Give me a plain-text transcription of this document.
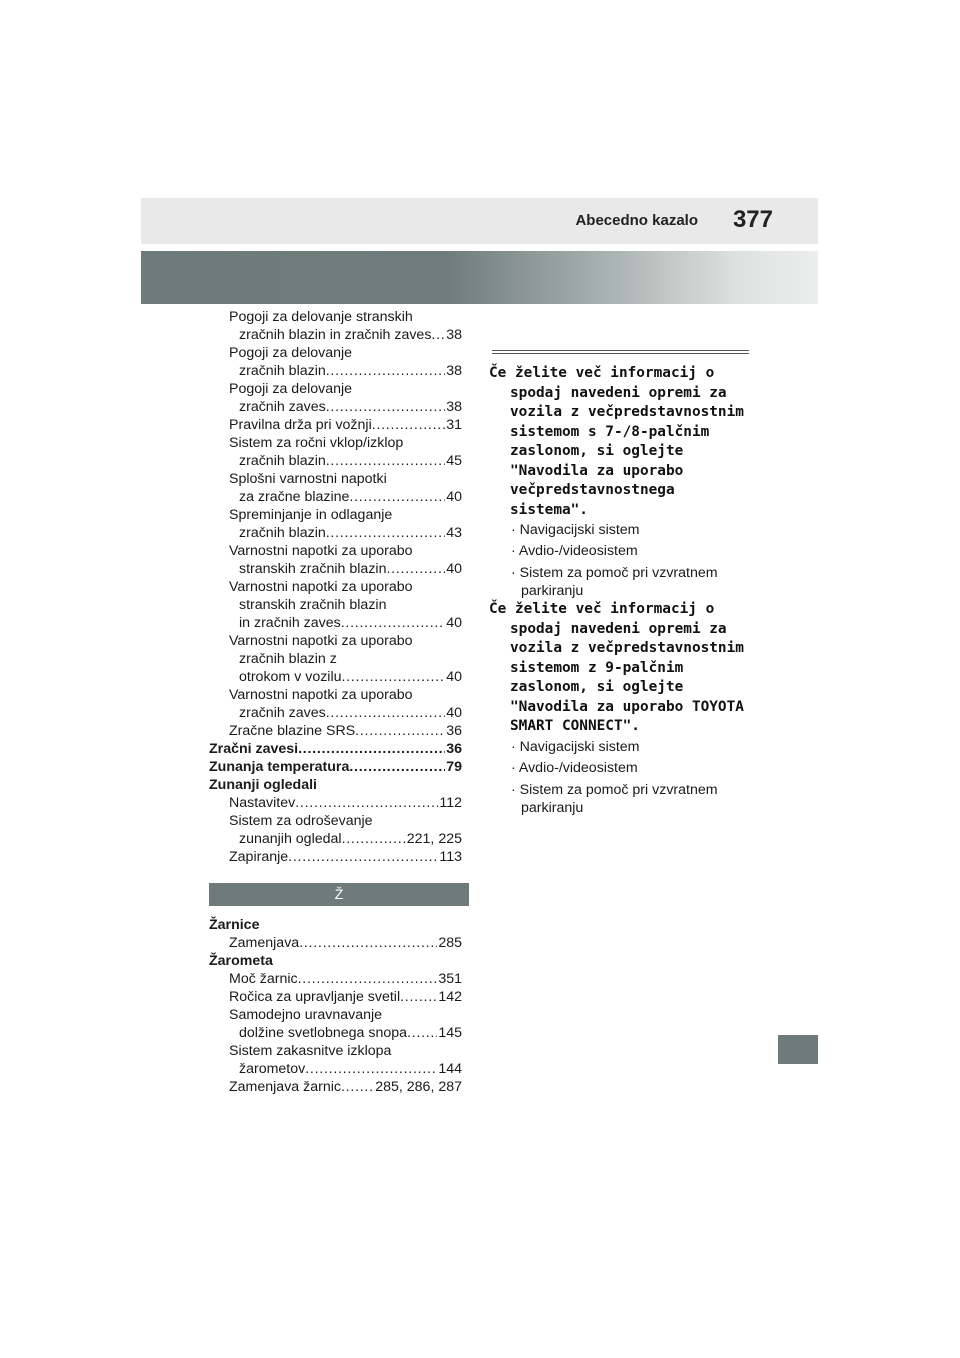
Abecedno kazalo 377
Pogoji za delovanje stranskih
zračnih blazin in zračnih zaves . . . 38
Pogoji za delovanje
zračnih blazin . . .	38
Pogoji za delovanje
zračnih zaves . . .	38
Pravilna drža pri vožnji . . .	31
Sistem za ročni vklop/izklop
zračnih blazin . . .	45
Splošni varnostni napotki
za zračne blazine . . .	40
Spreminjanje in odlaganje
zračnih blazin . . .	43
Varnostni napotki za uporabo
stranskih zračnih blazin . . .	40
Varnostni napotki za uporabo
stranskih zračnih blazin
in zračnih zaves . . .	40
Varnostni napotki za uporabo
zračnih blazin z
otrokom v vozilu . . .	40
Varnostni napotki za uporabo
zračnih zaves . . .	40
Zračne blazine SRS . . .	36
Zračni zavesi . . .	36
Zunanja temperatura . . .	79
Zunanji ogledali
Nastavitev . . .	112
Sistem za odroševanje
zunanjih ogledal . . .	221, 225
Zapiranje . . .	113
Ž
Žarnice
Zamenjava . . .	285
Žarometa
Moč žarnic . . .	351
Ročica za upravljanje svetil . . .	142
Samodejno uravnavanje
dolžine svetlobnega snopa . . . 145
Sistem zakasnitve izklopa
žarometov . . .	144
Zamenjava žarnic . . . 285, 286, 287
Če želite več informacij o spodaj navedeni opremi za vozila z večpredstavnostnim sistemom s 7-/8-palčnim zaslonom, si oglejte "Navodila za uporabo večpredstavnostnega sistema".
· Navigacijski sistem
· Avdio-/videosistem
· Sistem za pomoč pri vzvratnem parkiranju
Če želite več informacij o spodaj navedeni opremi za vozila z večpredstavnostnim sistemom z 9-palčnim zaslonom, si oglejte "Navodila za uporabo TOYOTA SMART CONNECT".
· Navigacijski sistem
· Avdio-/videosistem
· Sistem za pomoč pri vzvratnem parkiranju
